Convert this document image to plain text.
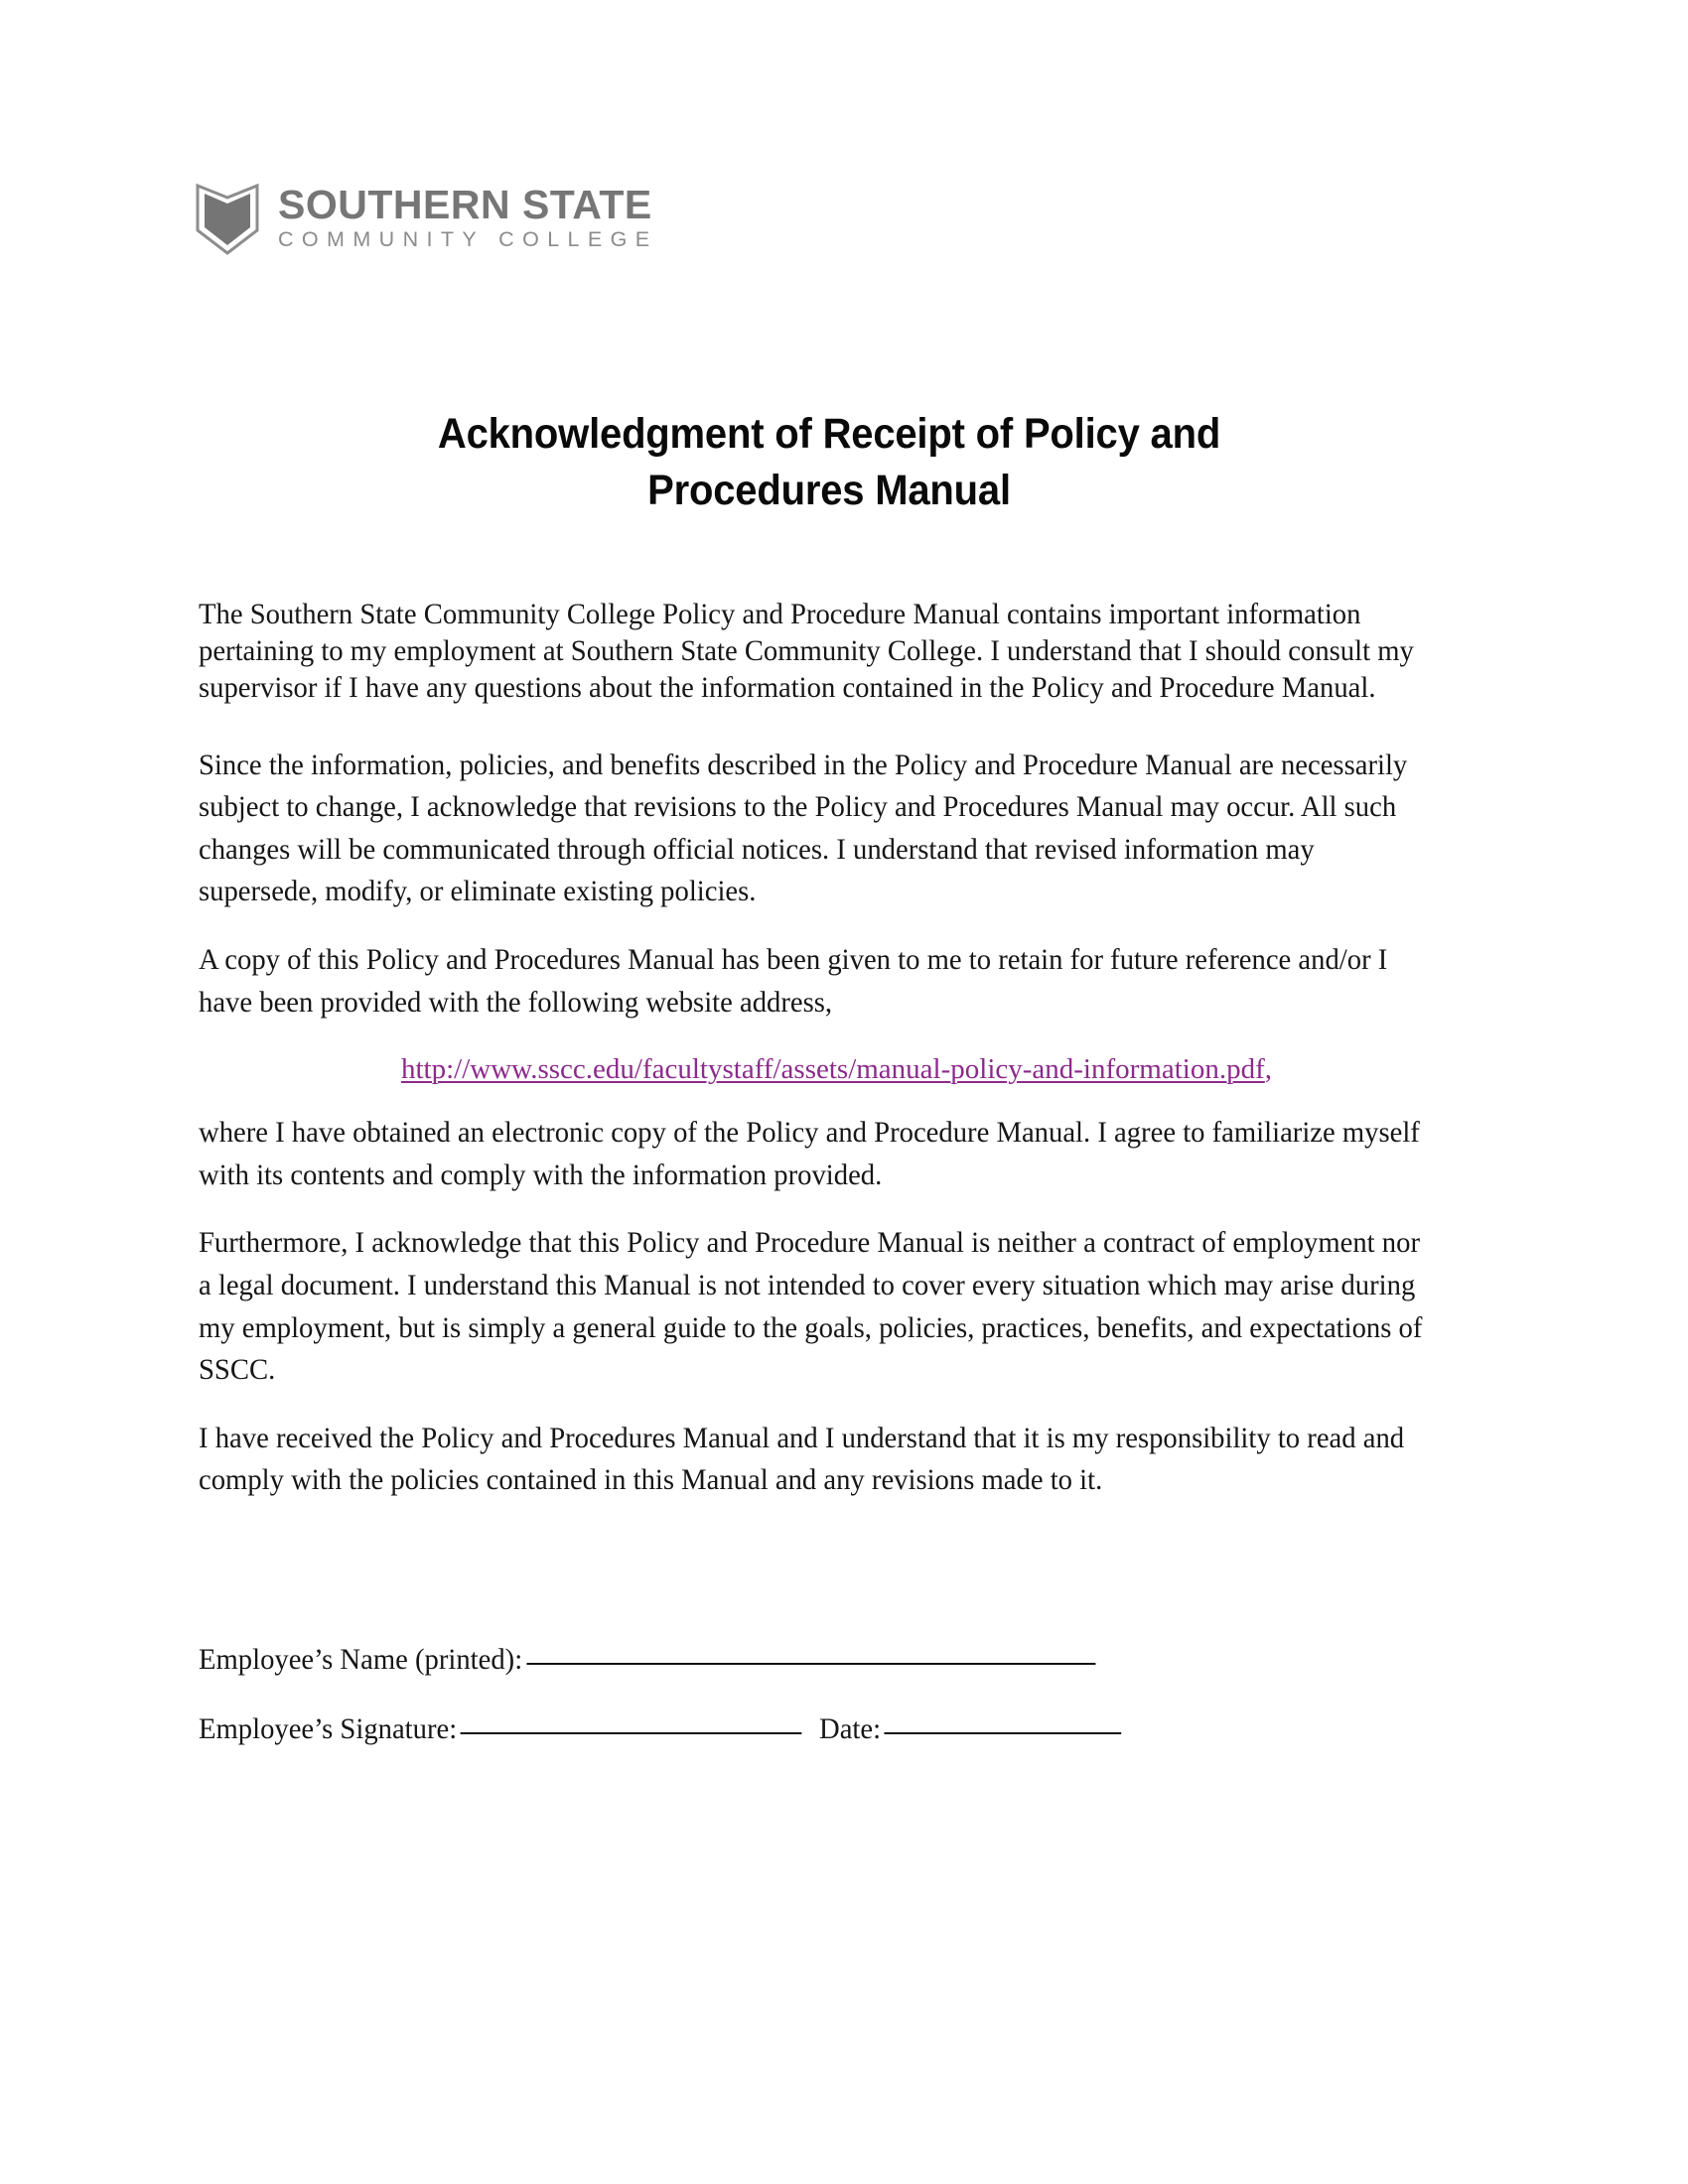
SOUTHERN STATE
COMMUNITY COLLEGE
Acknowledgment of Receipt of Policy and Procedures Manual

The Southern State Community College Policy and Procedure Manual contains important information pertaining to my employment at Southern State Community College. I understand that I should consult my supervisor if I have any questions about the information contained in the Policy and Procedure Manual.

Since the information, policies, and benefits described in the Policy and Procedure Manual are necessarily subject to change, I acknowledge that revisions to the Policy and Procedures Manual may occur. All such changes will be communicated through official notices. I understand that revised information may supersede, modify, or eliminate existing policies.

A copy of this Policy and Procedures Manual has been given to me to retain for future reference and/or I have been provided with the following website address,

http://www.sscc.edu/facultystaff/assets/manual-policy-and-information.pdf,

where I have obtained an electronic copy of the Policy and Procedure Manual. I agree to familiarize myself with its contents and comply with the information provided.

Furthermore, I acknowledge that this Policy and Procedure Manual is neither a contract of employment nor a legal document. I understand this Manual is not intended to cover every situation which may arise during my employment, but is simply a general guide to the goals, policies, practices, benefits, and expectations of SSCC.

I have received the Policy and Procedures Manual and I understand that it is my responsibility to read and comply with the policies contained in this Manual and any revisions made to it.

Employee’s Name (printed):
Employee’s Signature:	Date:
